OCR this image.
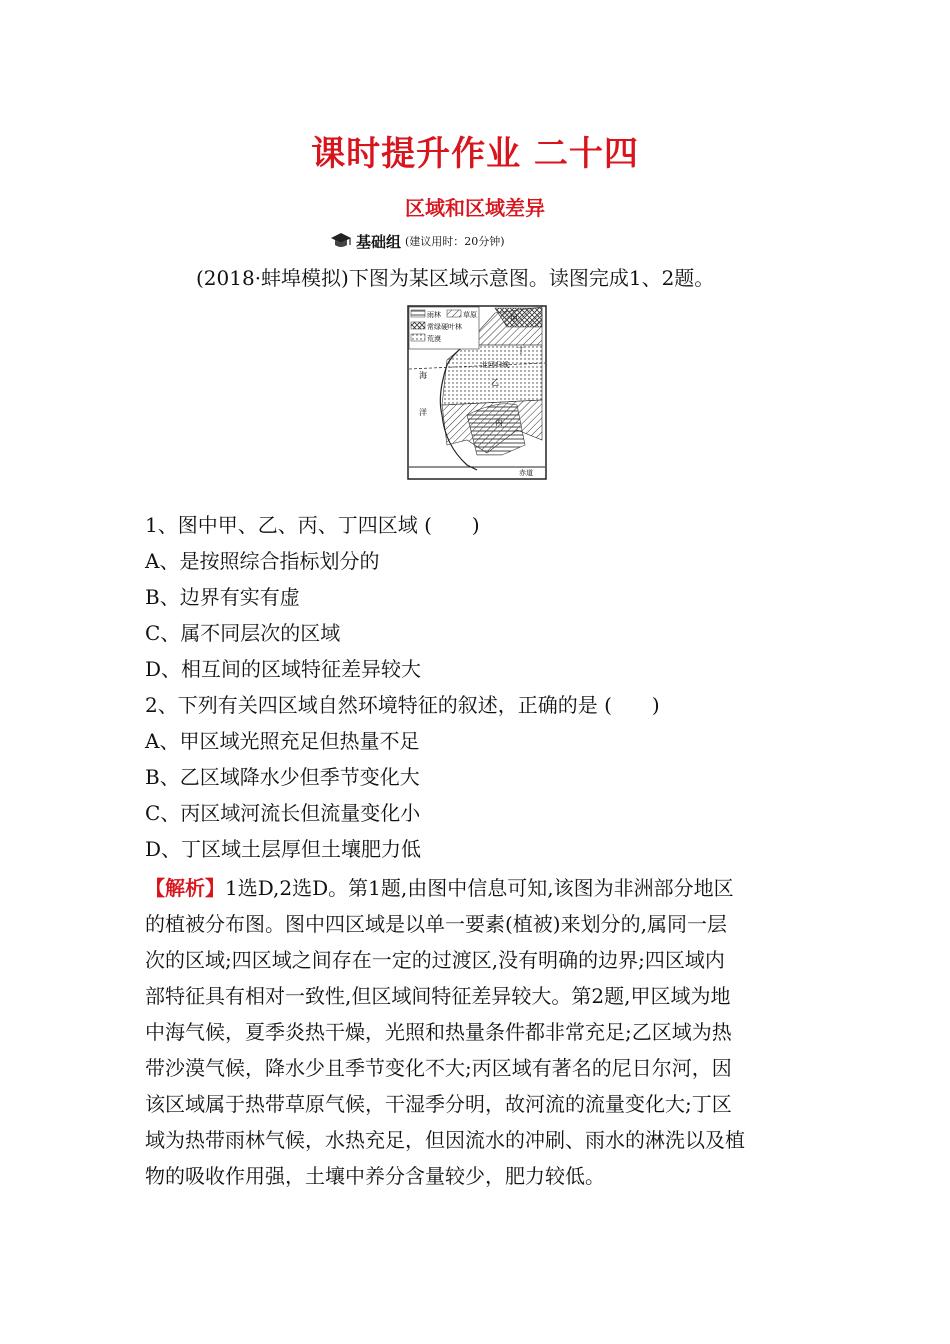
课时提升作业 二十四
区域和区域差异
基础组 (建议用时：20分钟)
(2018·蚌埠模拟)下图为某区域示意图。读图完成1、2题。
雨林	草原
常绿硬叶林
荒漠
甲
乙
丙
丁
海
洋
北回归线
赤道
1、图中甲、乙、丙、丁四区域 (　　)
A、是按照综合指标划分的
B、边界有实有虚
C、属不同层次的区域
D、相互间的区域特征差异较大
2、下列有关四区域自然环境特征的叙述，正确的是 (　　)
A、甲区域光照充足但热量不足
B、乙区域降水少但季节变化大
C、丙区域河流长但流量变化小
D、丁区域土层厚但土壤肥力低
【解析】1选D,2选D。第1题,由图中信息可知,该图为非洲部分地区
的植被分布图。图中四区域是以单一要素(植被)来划分的,属同一层
次的区域;四区域之间存在一定的过渡区,没有明确的边界;四区域内
部特征具有相对一致性,但区域间特征差异较大。第2题,甲区域为地
中海气候，夏季炎热干燥，光照和热量条件都非常充足;乙区域为热
带沙漠气候，降水少且季节变化不大;丙区域有著名的尼日尔河，因
该区域属于热带草原气候，干湿季分明，故河流的流量变化大;丁区
域为热带雨林气候，水热充足，但因流水的冲刷、雨水的淋洗以及植
物的吸收作用强，土壤中养分含量较少，肥力较低。
